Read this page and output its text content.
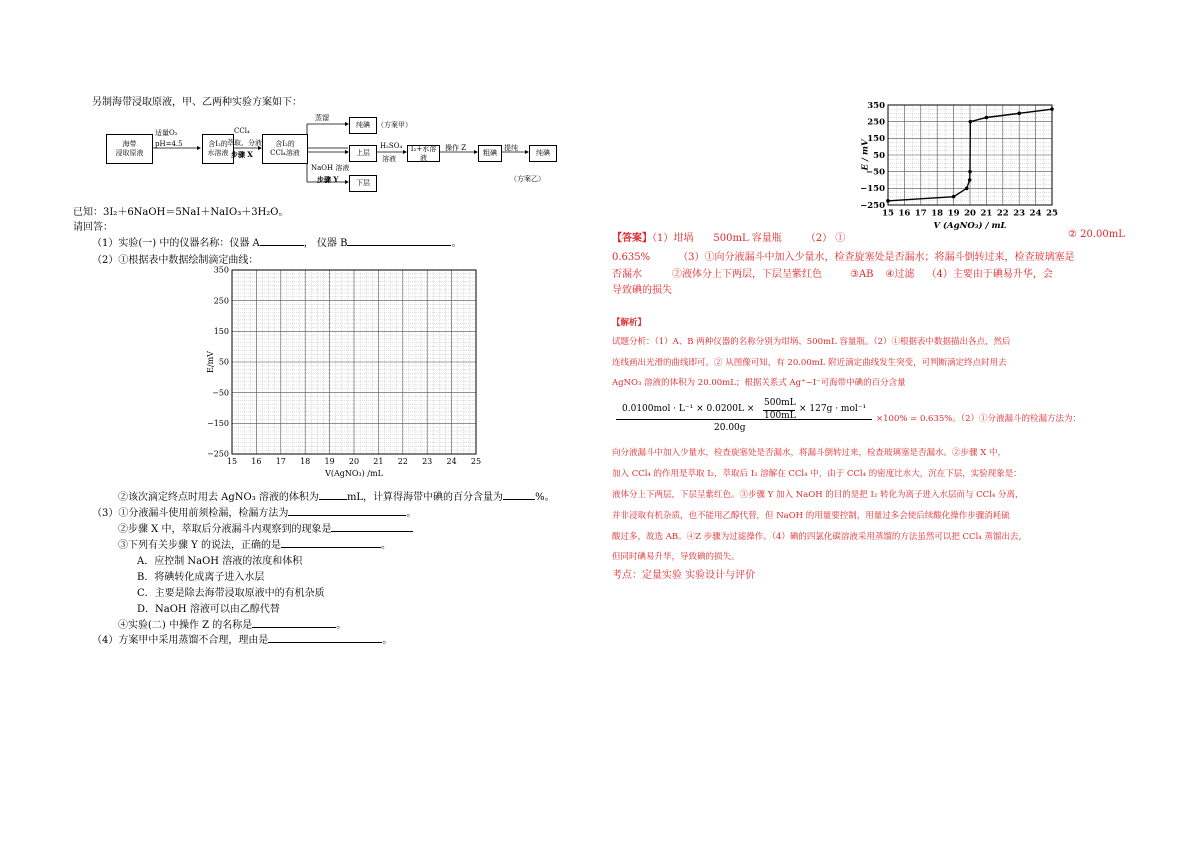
另制海带浸取原液，甲、乙两种实验方案如下：
海带
浸取原液
适量O₂
pH=4.5	含I₂的
水溶液
CCl₄
萃取、分液
步骤 X
含I₂的
CCl₄溶液
蒸馏
纯碘	（方案甲）
NaOH 溶液
步骤 Y
上层
H₂SO₄
溶液
I₂+水溶液
操作 Z
粗碘
提纯
纯碘
下层	（方案乙）
已知：3I₂＋6NaOH＝5NaI＋NaIO₃＋3H₂O。
请回答：
（1）实验(一) 中的仪器名称：仪器 A	， 仪器 B	。
（2）①根据表中数据绘制滴定曲线：
15 16 17 18 19 20 21 22 23 24 25
350
250
150
50
−50
−150
−250
V(AgNO₃) /mL
E/mV
②该次滴定终点时用去 AgNO₃ 溶液的体积为	mL，计算得海带中碘的百分含量为	%。
（3）①分液漏斗使用前须检漏，检漏方法为	。
②步骤 X 中，萃取后分液漏斗内观察到的现象是
③下列有关步骤 Y 的说法，正确的是	。
A．应控制 NaOH 溶液的浓度和体积
B．将碘转化成离子进入水层
C．主要是除去海带浸取原液中的有机杂质
D．NaOH 溶液可以由乙醇代替
④实验(二) 中操作 Z 的名称是	。
（4）方案甲中采用蒸馏不合理，理由是	。
15 16 17 18 19 20 21 22 23 24 25
350
250
150
50
−50
−150
−250
V (AgNO₃) / mL
E / mV
【答案】（1）坩埚 500mL 容量瓶 （2） ①	② 20.00mL
0.635%	（3）①向分液漏斗中加入少量水，检查旋塞处是否漏水；将漏斗倒转过来，检查玻璃塞是
否漏水	②液体分上下两层，下层呈紫红色	③AB ④过滤 （4）主要由于碘易升华，会
导致碘的损失
【解析】
试题分析：（1）A、B 两种仪器的名称分别为坩埚、500mL 容量瓶。（2）①根据表中数据描出各点，然后
连线画出光滑的曲线即可。② 从图像可知，有 20.00mL 附近滴定曲线发生突变，可判断滴定终点时用去
AgNO₃ 溶液的体积为 20.00mL；根据关系式 Ag⁺~I⁻可海带中碘的百分含量
0.0100mol · L⁻¹ × 0.0200L ×
500mL
100mL
× 127g · mol⁻¹
20.00g
×100% = 0.635%。（2）①分液漏斗的检漏方法为：
向分液漏斗中加入少量水，检查旋塞处是否漏水，将漏斗倒转过来，检查玻璃塞是否漏水。②步骤 X 中，
加入 CCl₄ 的作用是萃取 I₂，萃取后 I₂ 溶解在 CCl₄ 中，由于 CCl₄ 的密度比水大，沉在下层，实验现象是：
液体分上下两层，下层呈紫红色。③步骤 Y 加入 NaOH 的目的是把 I₂ 转化为离子进入水层而与 CCl₄ 分离，
并非浸取有机杂质，也不能用乙醇代替，但 NaOH 的用量要控制，用量过多会使后续酸化操作步骤消耗硫
酸过多，故选 AB。④Z 步骤为过滤操作。（4）碘的四氯化碳溶液采用蒸馏的方法虽然可以把 CCl₄ 蒸馏出去，
但同时碘易升华，导致碘的损失。
考点：定量实验 实验设计与评价
